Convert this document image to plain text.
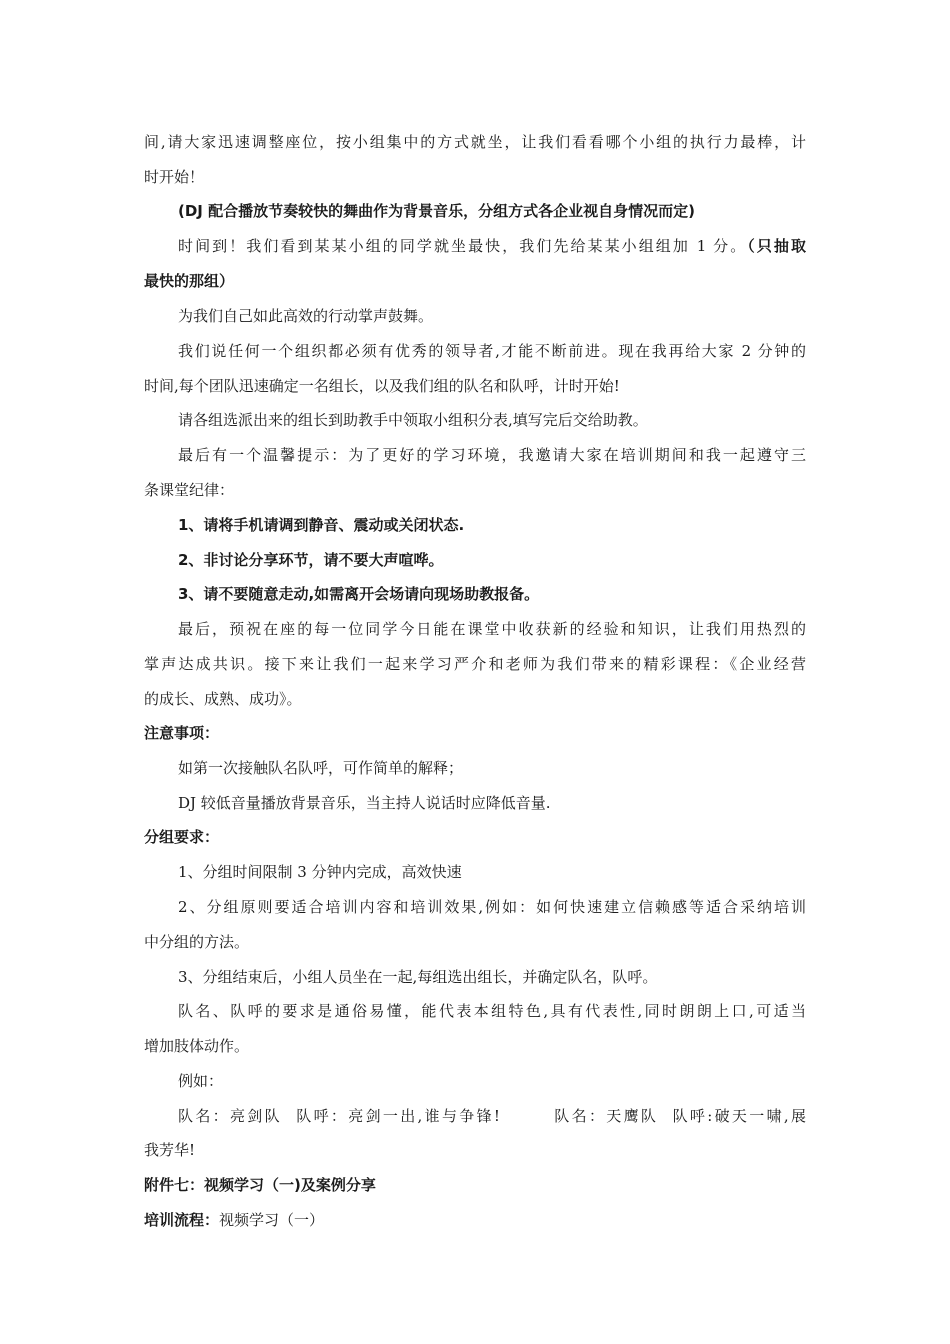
间,请大家迅速调整座位，按小组集中的方式就坐，让我们看看哪个小组的执行力最棒，计
时开始！
(DJ 配合播放节奏较快的舞曲作为背景音乐，分组方式各企业视自身情况而定)
时间到！我们看到某某小组的同学就坐最快，我们先给某某小组组加 1 分。（只抽取
最快的那组）
为我们自己如此高效的行动掌声鼓舞。
我们说任何一个组织都必须有优秀的领导者,才能不断前进。现在我再给大家 2 分钟的
时间,每个团队迅速确定一名组长，以及我们组的队名和队呼，计时开始!
请各组选派出来的组长到助教手中领取小组积分表,填写完后交给助教。
最后有一个温馨提示：为了更好的学习环境，我邀请大家在培训期间和我一起遵守三
条课堂纪律：
1、请将手机请调到静音、震动或关闭状态.
2、非讨论分享环节，请不要大声喧哗。
3、请不要随意走动,如需离开会场请向现场助教报备。
最后，预祝在座的每一位同学今日能在课堂中收获新的经验和知识，让我们用热烈的
掌声达成共识。接下来让我们一起来学习严介和老师为我们带来的精彩课程：《企业经营
的成长、成熟、成功》。
注意事项：
如第一次接触队名队呼，可作简单的解释；
DJ 较低音量播放背景音乐，当主持人说话时应降低音量.
分组要求：
1、分组时间限制 3 分钟内完成，高效快速
2、分组原则要适合培训内容和培训效果,例如：如何快速建立信赖感等适合采纳培训
中分组的方法。
3、分组结束后，小组人员坐在一起,每组选出组长，并确定队名，队呼。
队名、队呼的要求是通俗易懂，能代表本组特色,具有代表性,同时朗朗上口,可适当
增加肢体动作。
例如：
队名：亮剑队 队呼：亮剑一出,谁与争锋!	队名：天鹰队 队呼:破天一啸,展
我芳华!
附件七：视频学习（一)及案例分享
培训流程：视频学习（一）
